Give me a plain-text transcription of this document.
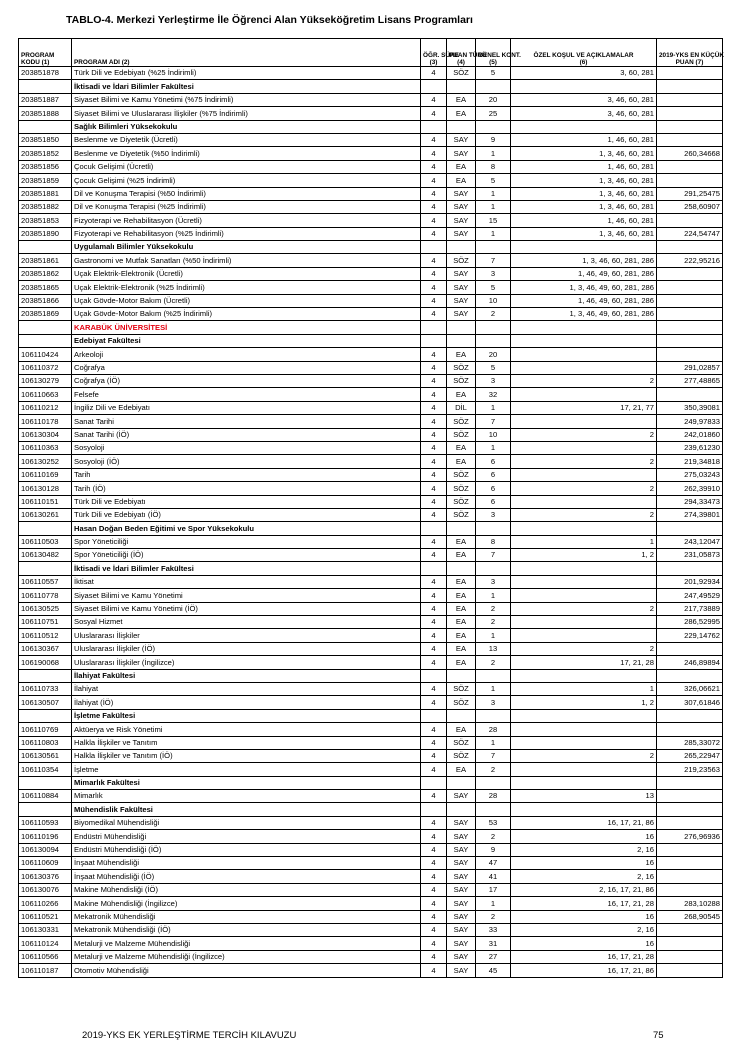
TABLO-4. Merkezi Yerleştirme İle Öğrenci Alan Yükseköğretim Lisans Programları
PROGRAM
KODU (1)	PROGRAM ADI (2)	ÖĞR. SÜRE
(3)	PUAN TÜRÜ
(4)	GENEL KONT.
(5)	ÖZEL KOŞUL VE AÇIKLAMALAR
(6)	2019-YKS EN KÜÇÜK
PUAN (7)
203851878	Türk Dili ve Edebiyatı (%25 İndirimli)	4	SÖZ	5	3, 60, 281	
	İktisadi ve İdari Bilimler Fakültesi					
203851887	Siyaset Bilimi ve Kamu Yönetimi (%75 İndirimli)	4	EA	20	3, 46, 60, 281	
203851888	Siyaset Bilimi ve Uluslararası İlişkiler (%75 İndirimli)	4	EA	25	3, 46, 60, 281	
	Sağlık Bilimleri Yüksekokulu					
203851850	Beslenme ve Diyetetik (Ücretli)	4	SAY	9	1, 46, 60, 281	
203851852	Beslenme ve Diyetetik (%50 İndirimli)	4	SAY	1	1, 3, 46, 60, 281	260,34668
203851856	Çocuk Gelişimi (Ücretli)	4	EA	8	1, 46, 60, 281	
203851859	Çocuk Gelişimi (%25 İndirimli)	4	EA	5	1, 3, 46, 60, 281	
203851881	Dil ve Konuşma Terapisi (%50 İndirimli)	4	SAY	1	1, 3, 46, 60, 281	291,25475
203851882	Dil ve Konuşma Terapisi (%25 İndirimli)	4	SAY	1	1, 3, 46, 60, 281	258,60907
203851853	Fizyoterapi ve Rehabilitasyon (Ücretli)	4	SAY	15	1, 46, 60, 281	
203851890	Fizyoterapi ve Rehabilitasyon (%25 İndirimli)	4	SAY	1	1, 3, 46, 60, 281	224,54747
	Uygulamalı Bilimler Yüksekokulu					
203851861	Gastronomi ve Mutfak Sanatları (%50 İndirimli)	4	SÖZ	7	1, 3, 46, 60, 281, 286	222,95216
203851862	Uçak Elektrik-Elektronik (Ücretli)	4	SAY	3	1, 46, 49, 60, 281, 286	
203851865	Uçak Elektrik-Elektronik (%25 İndirimli)	4	SAY	5	1, 3, 46, 49, 60, 281, 286	
203851866	Uçak Gövde-Motor Bakım (Ücretli)	4	SAY	10	1, 46, 49, 60, 281, 286	
203851869	Uçak Gövde-Motor Bakım (%25 İndirimli)	4	SAY	2	1, 3, 46, 49, 60, 281, 286	
	KARABÜK ÜNİVERSİTESİ					
	Edebiyat Fakültesi					
106110424	Arkeoloji	4	EA	20		
106110372	Coğrafya	4	SÖZ	5		291,02857
106130279	Coğrafya (İÖ)	4	SÖZ	3	2	277,48865
106110663	Felsefe	4	EA	32		
106110212	İngiliz Dili ve Edebiyatı	4	DİL	1	17, 21, 77	350,39081
106110178	Sanat Tarihi	4	SÖZ	7		249,97833
106130304	Sanat Tarihi (İÖ)	4	SÖZ	10	2	242,01860
106110363	Sosyoloji	4	EA	1		239,61230
106130252	Sosyoloji (İÖ)	4	EA	6	2	219,34818
106110169	Tarih	4	SÖZ	6		275,03243
106130128	Tarih (İÖ)	4	SÖZ	6	2	262,39910
106110151	Türk Dili ve Edebiyatı	4	SÖZ	6		294,33473
106130261	Türk Dili ve Edebiyatı (İÖ)	4	SÖZ	3	2	274,39801
	Hasan Doğan Beden Eğitimi ve Spor Yüksekokulu					
106110503	Spor Yöneticiliği	4	EA	8	1	243,12047
106130482	Spor Yöneticiliği (İÖ)	4	EA	7	1, 2	231,05873
	İktisadi ve İdari Bilimler Fakültesi					
106110557	İktisat	4	EA	3		201,92934
106110778	Siyaset Bilimi ve Kamu Yönetimi	4	EA	1		247,49529
106130525	Siyaset Bilimi ve Kamu Yönetimi (İÖ)	4	EA	2	2	217,73889
106110751	Sosyal Hizmet	4	EA	2		286,52995
106110512	Uluslararası İlişkiler	4	EA	1		229,14762
106130367	Uluslararası İlişkiler (İÖ)	4	EA	13	2	
106190068	Uluslararası İlişkiler (İngilizce)	4	EA	2	17, 21, 28	246,89894
	İlahiyat Fakültesi					
106110733	İlahiyat	4	SÖZ	1	1	326,06621
106130507	İlahiyat (İÖ)	4	SÖZ	3	1, 2	307,61846
	İşletme Fakültesi					
106110769	Aktüerya ve Risk Yönetimi	4	EA	28		
106110803	Halkla İlişkiler ve Tanıtım	4	SÖZ	1		285,33072
106130561	Halkla İlişkiler ve Tanıtım (İÖ)	4	SÖZ	7	2	265,22947
106110354	İşletme	4	EA	2		219,23563
	Mimarlık Fakültesi					
106110884	Mimarlık	4	SAY	28	13	
	Mühendislik Fakültesi					
106110593	Biyomedikal Mühendisliği	4	SAY	53	16, 17, 21, 86	
106110196	Endüstri Mühendisliği	4	SAY	2	16	276,96936
106130094	Endüstri Mühendisliği (İÖ)	4	SAY	9	2, 16	
106110609	İnşaat Mühendisliği	4	SAY	47	16	
106130376	İnşaat Mühendisliği (İÖ)	4	SAY	41	2, 16	
106130076	Makine Mühendisliği (İÖ)	4	SAY	17	2, 16, 17, 21, 86	
106110266	Makine Mühendisliği (İngilizce)	4	SAY	1	16, 17, 21, 28	283,10288
106110521	Mekatronik Mühendisliği	4	SAY	2	16	268,90545
106130331	Mekatronik Mühendisliği (İÖ)	4	SAY	33	2, 16	
106110124	Metalurji ve Malzeme Mühendisliği	4	SAY	31	16	
106110566	Metalurji ve Malzeme Mühendisliği (İngilizce)	4	SAY	27	16, 17, 21, 28	
106110187	Otomotiv Mühendisliği	4	SAY	45	16, 17, 21, 86	
2019-YKS EK YERLEŞTİRME TERCİH KILAVUZU	75
